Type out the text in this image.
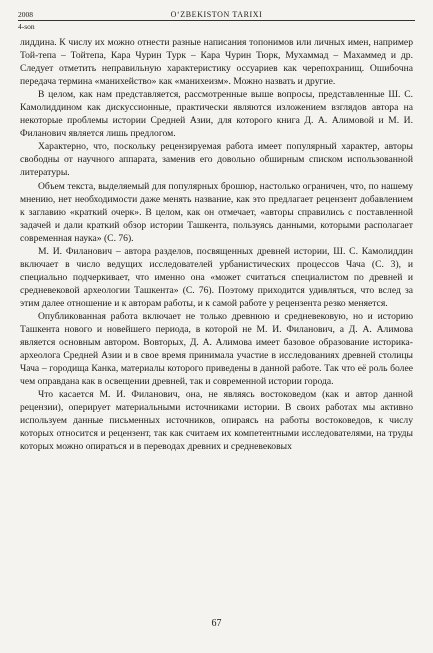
2008	O‘ZBEKISTON TARIXI
4-son

лиддина. К числу их можно отнести разные написания топонимов или личных имен, например Той-тепа – Тойтепа, Кара Чурин Турк – Кара Чурин Тюрк, Мухаммад – Махаммед и др. Следует отметить неправильную характеристику оссуариев как черепохранищ. Ошибочна передача термина «манихейство» как «манихеизм». Можно назвать и другие.

В целом, как нам представляется, рассмотренные выше вопросы, представленные Ш. С. Камолиддином как дискуссионные, практически являются изложением взглядов автора на некоторые проблемы истории Средней Азии, для которого книга Д. А. Алимовой и М. И. Филанович является лишь предлогом.

Характерно, что, поскольку рецензируемая работа имеет популярный характер, авторы свободны от научного аппарата, заменив его довольно обширным списком использованной литературы.

Объем текста, выделяемый для популярных брошюр, настолько ограничен, что, по нашему мнению, нет необходимости даже менять название, как это предлагает рецензент добавлением к заглавию «краткий очерк». В целом, как он отмечает, «авторы справились с поставленной задачей и дали краткий обзор истории Ташкента, пользуясь данными, которыми располагает современная наука» (С. 76).

М. И. Филанович – автора разделов, посвященных древней истории, Ш. С. Камолиддин включает в число ведущих исследователей урбанистических процессов Чача (С. 3), и специально подчеркивает, что именно она «может считаться специалистом по древней и средневековой археологии Ташкента» (С. 76). Поэтому приходится удивляться, что вслед за этим далее отношение и к авторам работы, и к самой работе у рецензента резко меняется.

Опубликованная работа включает не только древнюю и средневековую, но и историю Ташкента нового и новейшего периода, в которой не М. И. Филанович, а Д. А. Алимова является основным автором. Вовторых, Д. А. Алимова имеет базовое образование историка-археолога Средней Азии и в свое время принимала участие в исследованиях древней столицы Чача – городища Канка, материалы которого приведены в данной работе. Так что её роль более чем оправдана как в освещении древней, так и современной истории города.

Что касается М. И. Филанович, она, не являясь востоковедом (как и автор данной рецензии), оперирует материальными источниками истории. В своих работах мы активно используем данные письменных источников, опираясь на работы востоковедов, к числу которых относится и рецензент, так как считаем их компетентными исследователями, на труды которых можно опираться и в переводах древних и средневековых

67
